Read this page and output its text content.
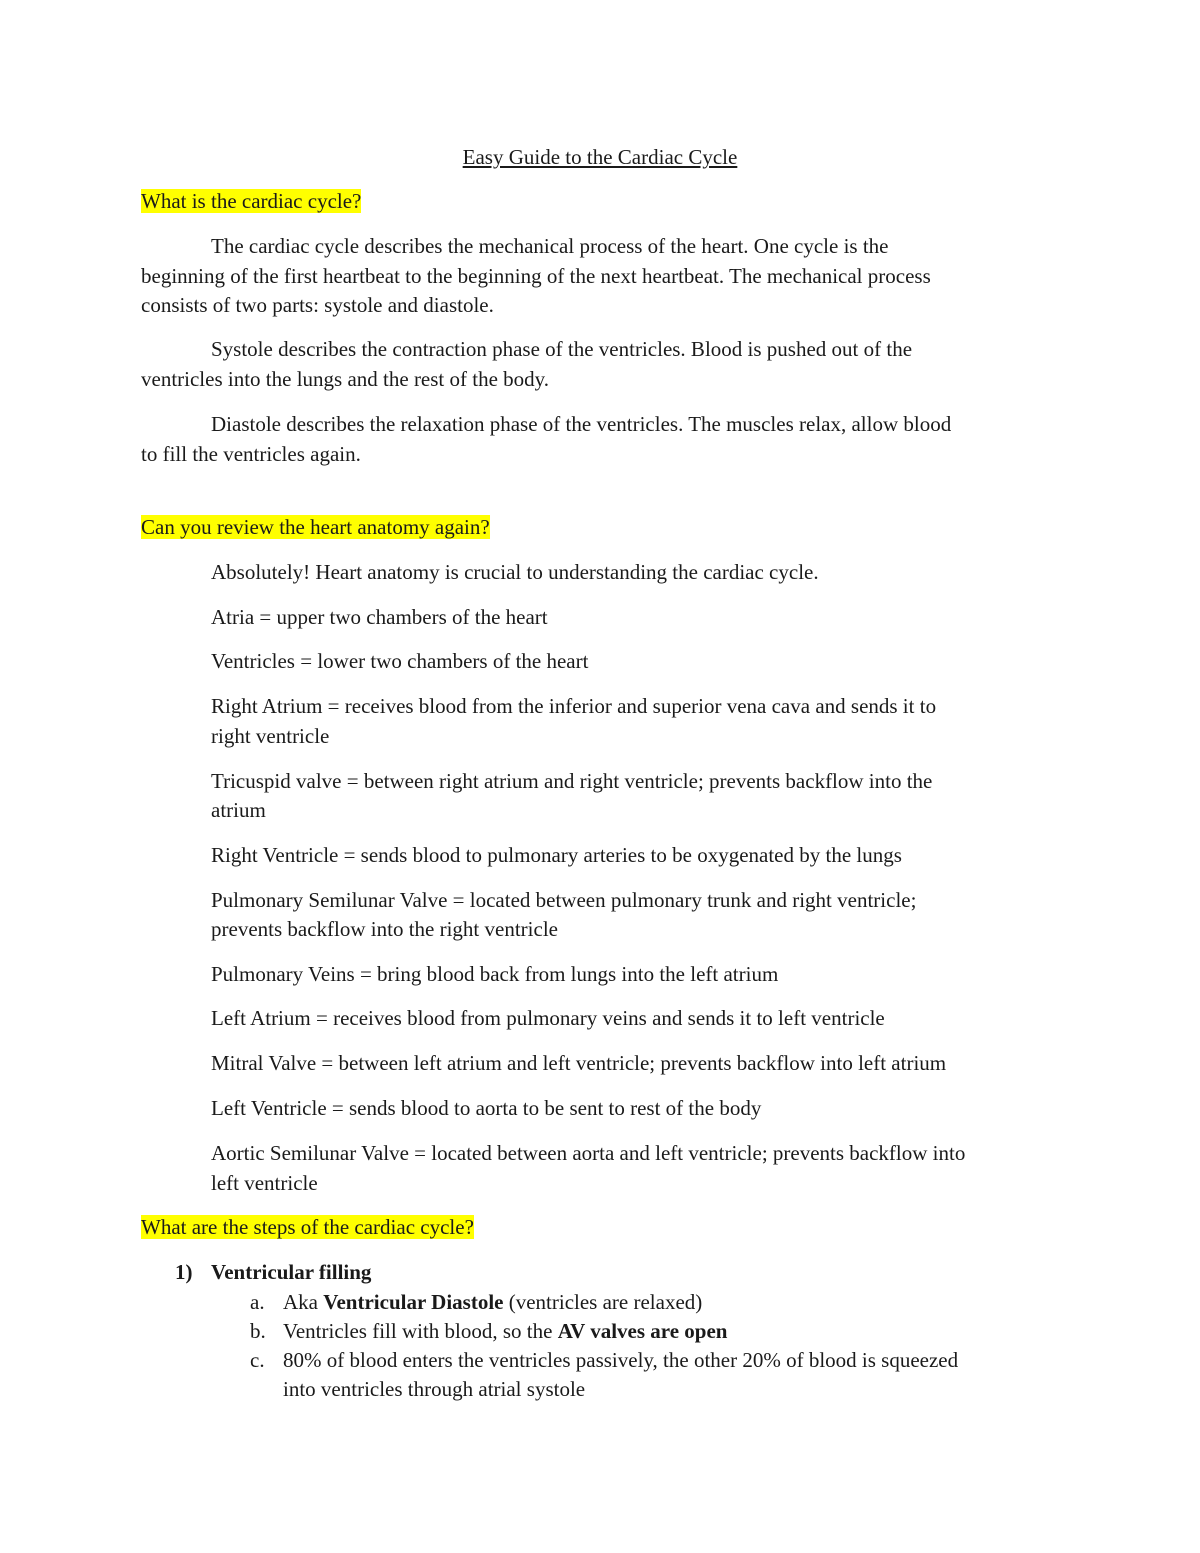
Easy Guide to the Cardiac Cycle
What is the cardiac cycle?
The cardiac cycle describes the mechanical process of the heart. One cycle is the
beginning of the first heartbeat to the beginning of the next heartbeat. The mechanical process
consists of two parts: systole and diastole.
Systole describes the contraction phase of the ventricles. Blood is pushed out of the
ventricles into the lungs and the rest of the body.
Diastole describes the relaxation phase of the ventricles. The muscles relax, allow blood
to fill the ventricles again.
Can you review the heart anatomy again?
Absolutely! Heart anatomy is crucial to understanding the cardiac cycle.
Atria = upper two chambers of the heart
Ventricles = lower two chambers of the heart
Right Atrium = receives blood from the inferior and superior vena cava and sends it to
right ventricle
Tricuspid valve = between right atrium and right ventricle; prevents backflow into the
atrium
Right Ventricle = sends blood to pulmonary arteries to be oxygenated by the lungs
Pulmonary Semilunar Valve = located between pulmonary trunk and right ventricle;
prevents backflow into the right ventricle
Pulmonary Veins = bring blood back from lungs into the left atrium
Left Atrium = receives blood from pulmonary veins and sends it to left ventricle
Mitral Valve = between left atrium and left ventricle; prevents backflow into left atrium
Left Ventricle = sends blood to aorta to be sent to rest of the body
Aortic Semilunar Valve = located between aorta and left ventricle; prevents backflow into
left ventricle
What are the steps of the cardiac cycle?
1) Ventricular filling
a. Aka Ventricular Diastole (ventricles are relaxed)
b. Ventricles fill with blood, so the AV valves are open
c. 80% of blood enters the ventricles passively, the other 20% of blood is squeezed
into ventricles through atrial systole
